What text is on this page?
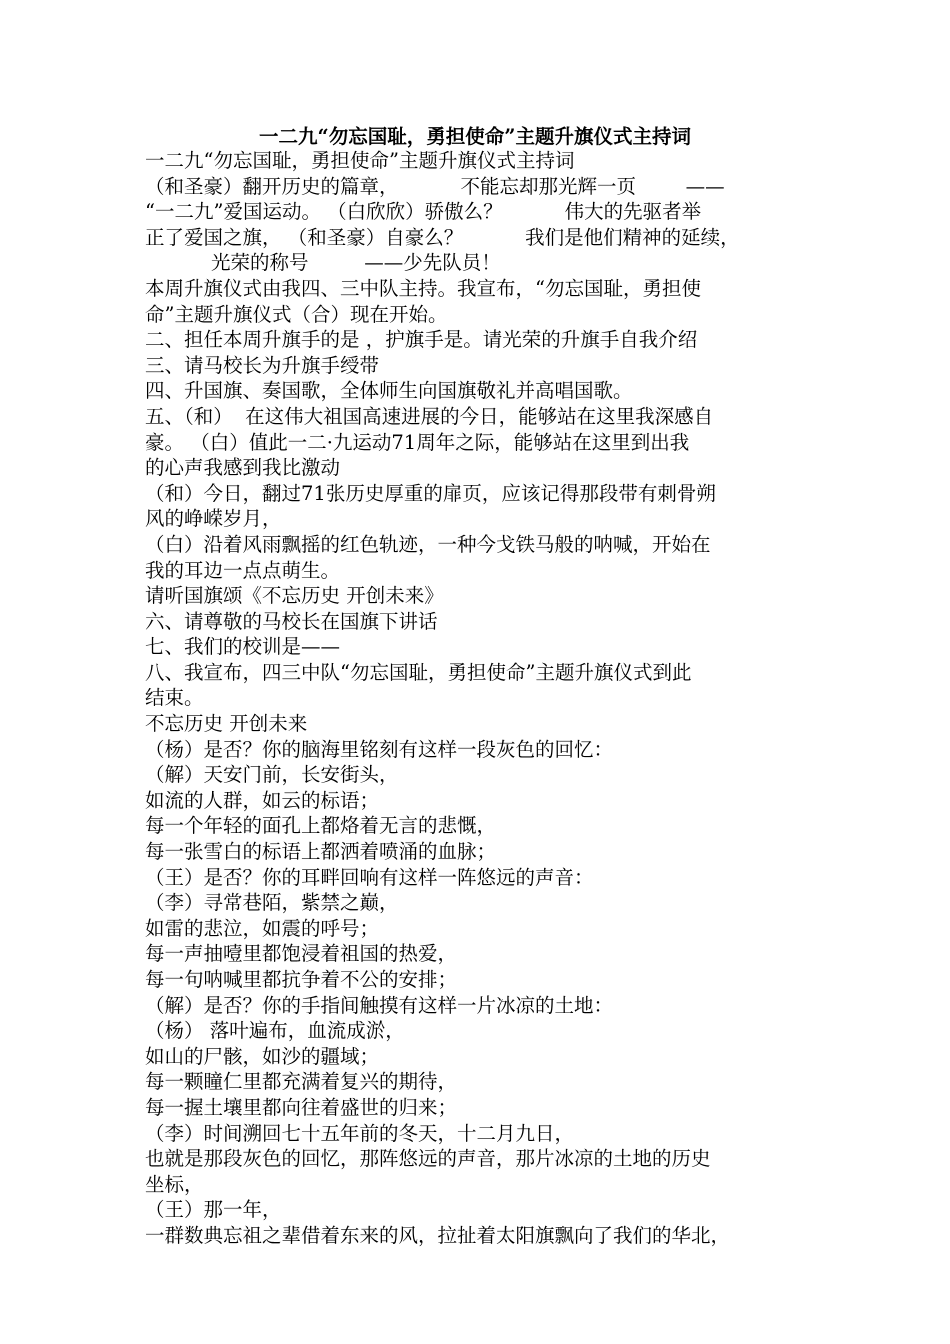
一二九“勿忘国耻，勇担使命”主题升旗仪式主持词
一二九“勿忘国耻，勇担使命”主题升旗仪式主持词
（和圣豪）翻开历史的篇章，          不能忘却那光辉一页        ——
“一二九”爱国运动。 （白欣欣）骄傲么？          伟大的先驱者举
正了爱国之旗， （和圣豪）自豪么？          我们是他们精神的延续，
光荣的称号         ——少先队员！
本周升旗仪式由我四、三中队主持。我宣布，“勿忘国耻，勇担使
命”主题升旗仪式（合）现在开始。
二、担任本周升旗手的是 ，护旗手是。请光荣的升旗手自我介绍
三、请马校长为升旗手绶带
四、升国旗、奏国歌，全体师生向国旗敬礼并高唱国歌。
五、（和）  在这伟大祖国高速进展的今日，能够站在这里我深感自
豪。 （白）值此一二·九运动71周年之际，能够站在这里到出我
的心声我感到我比激动
（和）今日，翻过71张历史厚重的扉页，应该记得那段带有刺骨朔
风的峥嵘岁月，
（白）沿着风雨飘摇的红色轨迹，一种今戈铁马般的呐喊，开始在
我的耳边一点点萌生。
请听国旗颂《不忘历史 开创未来》
六、请尊敬的马校长在国旗下讲话
七、我们的校训是——
八、我宣布，四三中队“勿忘国耻，勇担使命”主题升旗仪式到此
结束。
不忘历史 开创未来
（杨）是否？你的脑海里铭刻有这样一段灰色的回忆：
（解）天安门前，长安街头，
如流的人群，如云的标语；
每一个年轻的面孔上都烙着无言的悲慨，
每一张雪白的标语上都洒着喷涌的血脉；
（王）是否？你的耳畔回响有这样一阵悠远的声音：
（李）寻常巷陌，紫禁之巅，
如雷的悲泣，如震的呼号；
每一声抽噎里都饱浸着祖国的热爱，
每一句呐喊里都抗争着不公的安排；
（解）是否？你的手指间触摸有这样一片冰凉的土地：
（杨） 落叶遍布，血流成淤，
如山的尸骸，如沙的疆域；
每一颗瞳仁里都充满着复兴的期待，
每一握土壤里都向往着盛世的归来；
（李）时间溯回七十五年前的冬天，十二月九日，
也就是那段灰色的回忆，那阵悠远的声音，那片冰凉的土地的历史
坐标，
（王）那一年，
一群数典忘祖之辈借着东来的风，拉扯着太阳旗飘向了我们的华北，
